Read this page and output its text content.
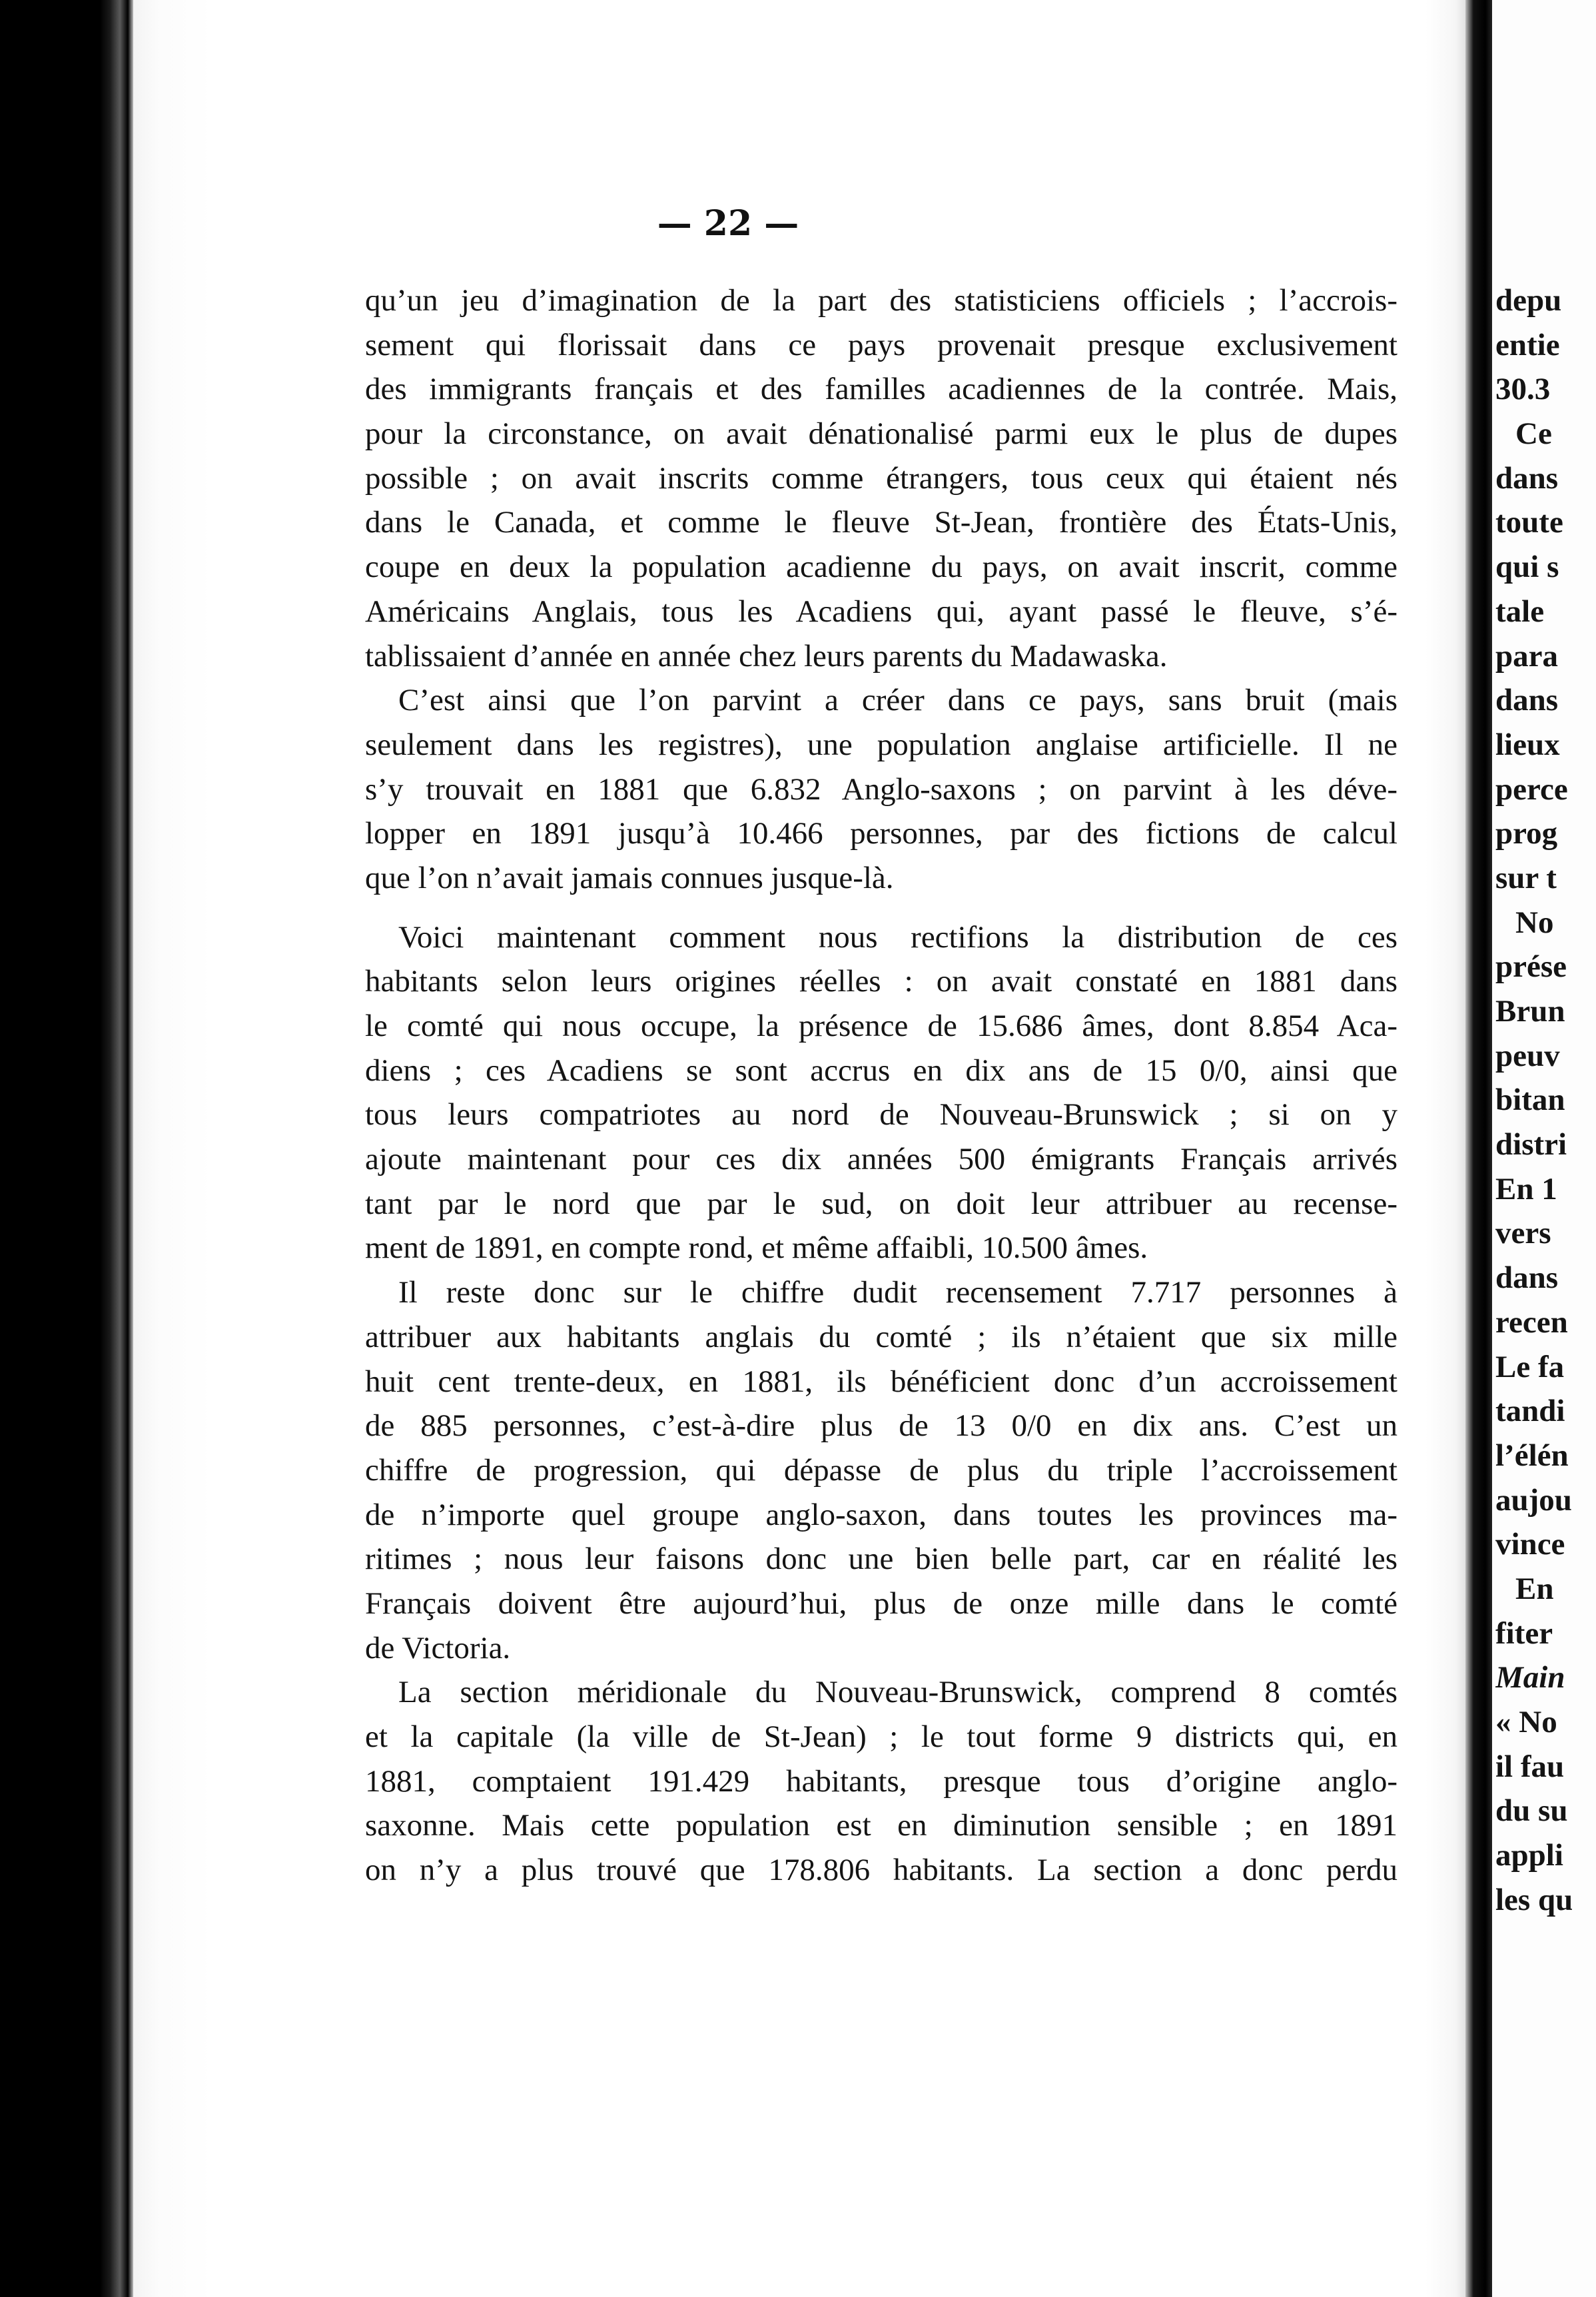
— 22 —
qu’un jeu d’imagination de la part des statisticiens officiels ; l’accrois-
sement qui florissait dans ce pays provenait presque exclusivement
des immigrants français et des familles acadiennes de la contrée. Mais,
pour la circonstance, on avait dénationalisé parmi eux le plus de dupes
possible ; on avait inscrits comme étrangers, tous ceux qui étaient nés
dans le Canada, et comme le fleuve St-Jean, frontière des États-Unis,
coupe en deux la population acadienne du pays, on avait inscrit, comme
Américains Anglais, tous les Acadiens qui, ayant passé le fleuve, s’é-
tablissaient d’année en année chez leurs parents du Madawaska.
C’est ainsi que l’on parvint a créer dans ce pays, sans bruit (mais
seulement dans les registres), une population anglaise artificielle. Il ne
s’y trouvait en 1881 que 6.832 Anglo-saxons ; on parvint à les déve-
lopper en 1891 jusqu’à 10.466 personnes, par des fictions de calcul
que l’on n’avait jamais connues jusque-là.
Voici maintenant comment nous rectifions la distribution de ces
habitants selon leurs origines réelles : on avait constaté en 1881 dans
le comté qui nous occupe, la présence de 15.686 âmes, dont 8.854 Aca-
diens ; ces Acadiens se sont accrus en dix ans de 15 0/0, ainsi que
tous leurs compatriotes au nord de Nouveau-Brunswick ; si on y
ajoute maintenant pour ces dix années 500 émigrants Français arrivés
tant par le nord que par le sud, on doit leur attribuer au recense-
ment de 1891, en compte rond, et même affaibli, 10.500 âmes.
Il reste donc sur le chiffre dudit recensement 7.717 personnes à
attribuer aux habitants anglais du comté ; ils n’étaient que six mille
huit cent trente-deux, en 1881, ils bénéficient donc d’un accroissement
de 885 personnes, c’est-à-dire plus de 13 0/0 en dix ans. C’est un
chiffre de progression, qui dépasse de plus du triple l’accroissement
de n’importe quel groupe anglo-saxon, dans toutes les provinces ma-
ritimes ; nous leur faisons donc une bien belle part, car en réalité les
Français doivent être aujourd’hui, plus de onze mille dans le comté
de Victoria.
La section méridionale du Nouveau-Brunswick, comprend 8 comtés
et la capitale (la ville de St-Jean) ; le tout forme 9 districts qui, en
1881, comptaient 191.429 habitants, presque tous d’origine anglo-
saxonne. Mais cette population est en diminution sensible ; en 1891
on n’y a plus trouvé que 178.806 habitants. La section a donc perdu
depu
entie
30.3
Ce
dans
toute
qui s
tale
para
dans
lieux
perce
prog
sur t
No
prése
Brun
peuv
bitan
distri
En 1
vers
dans
recen
Le fa
tandi
l’élén
aujou
vince
En
fiter
Main
« No
il fau
du su
appli
les qu
